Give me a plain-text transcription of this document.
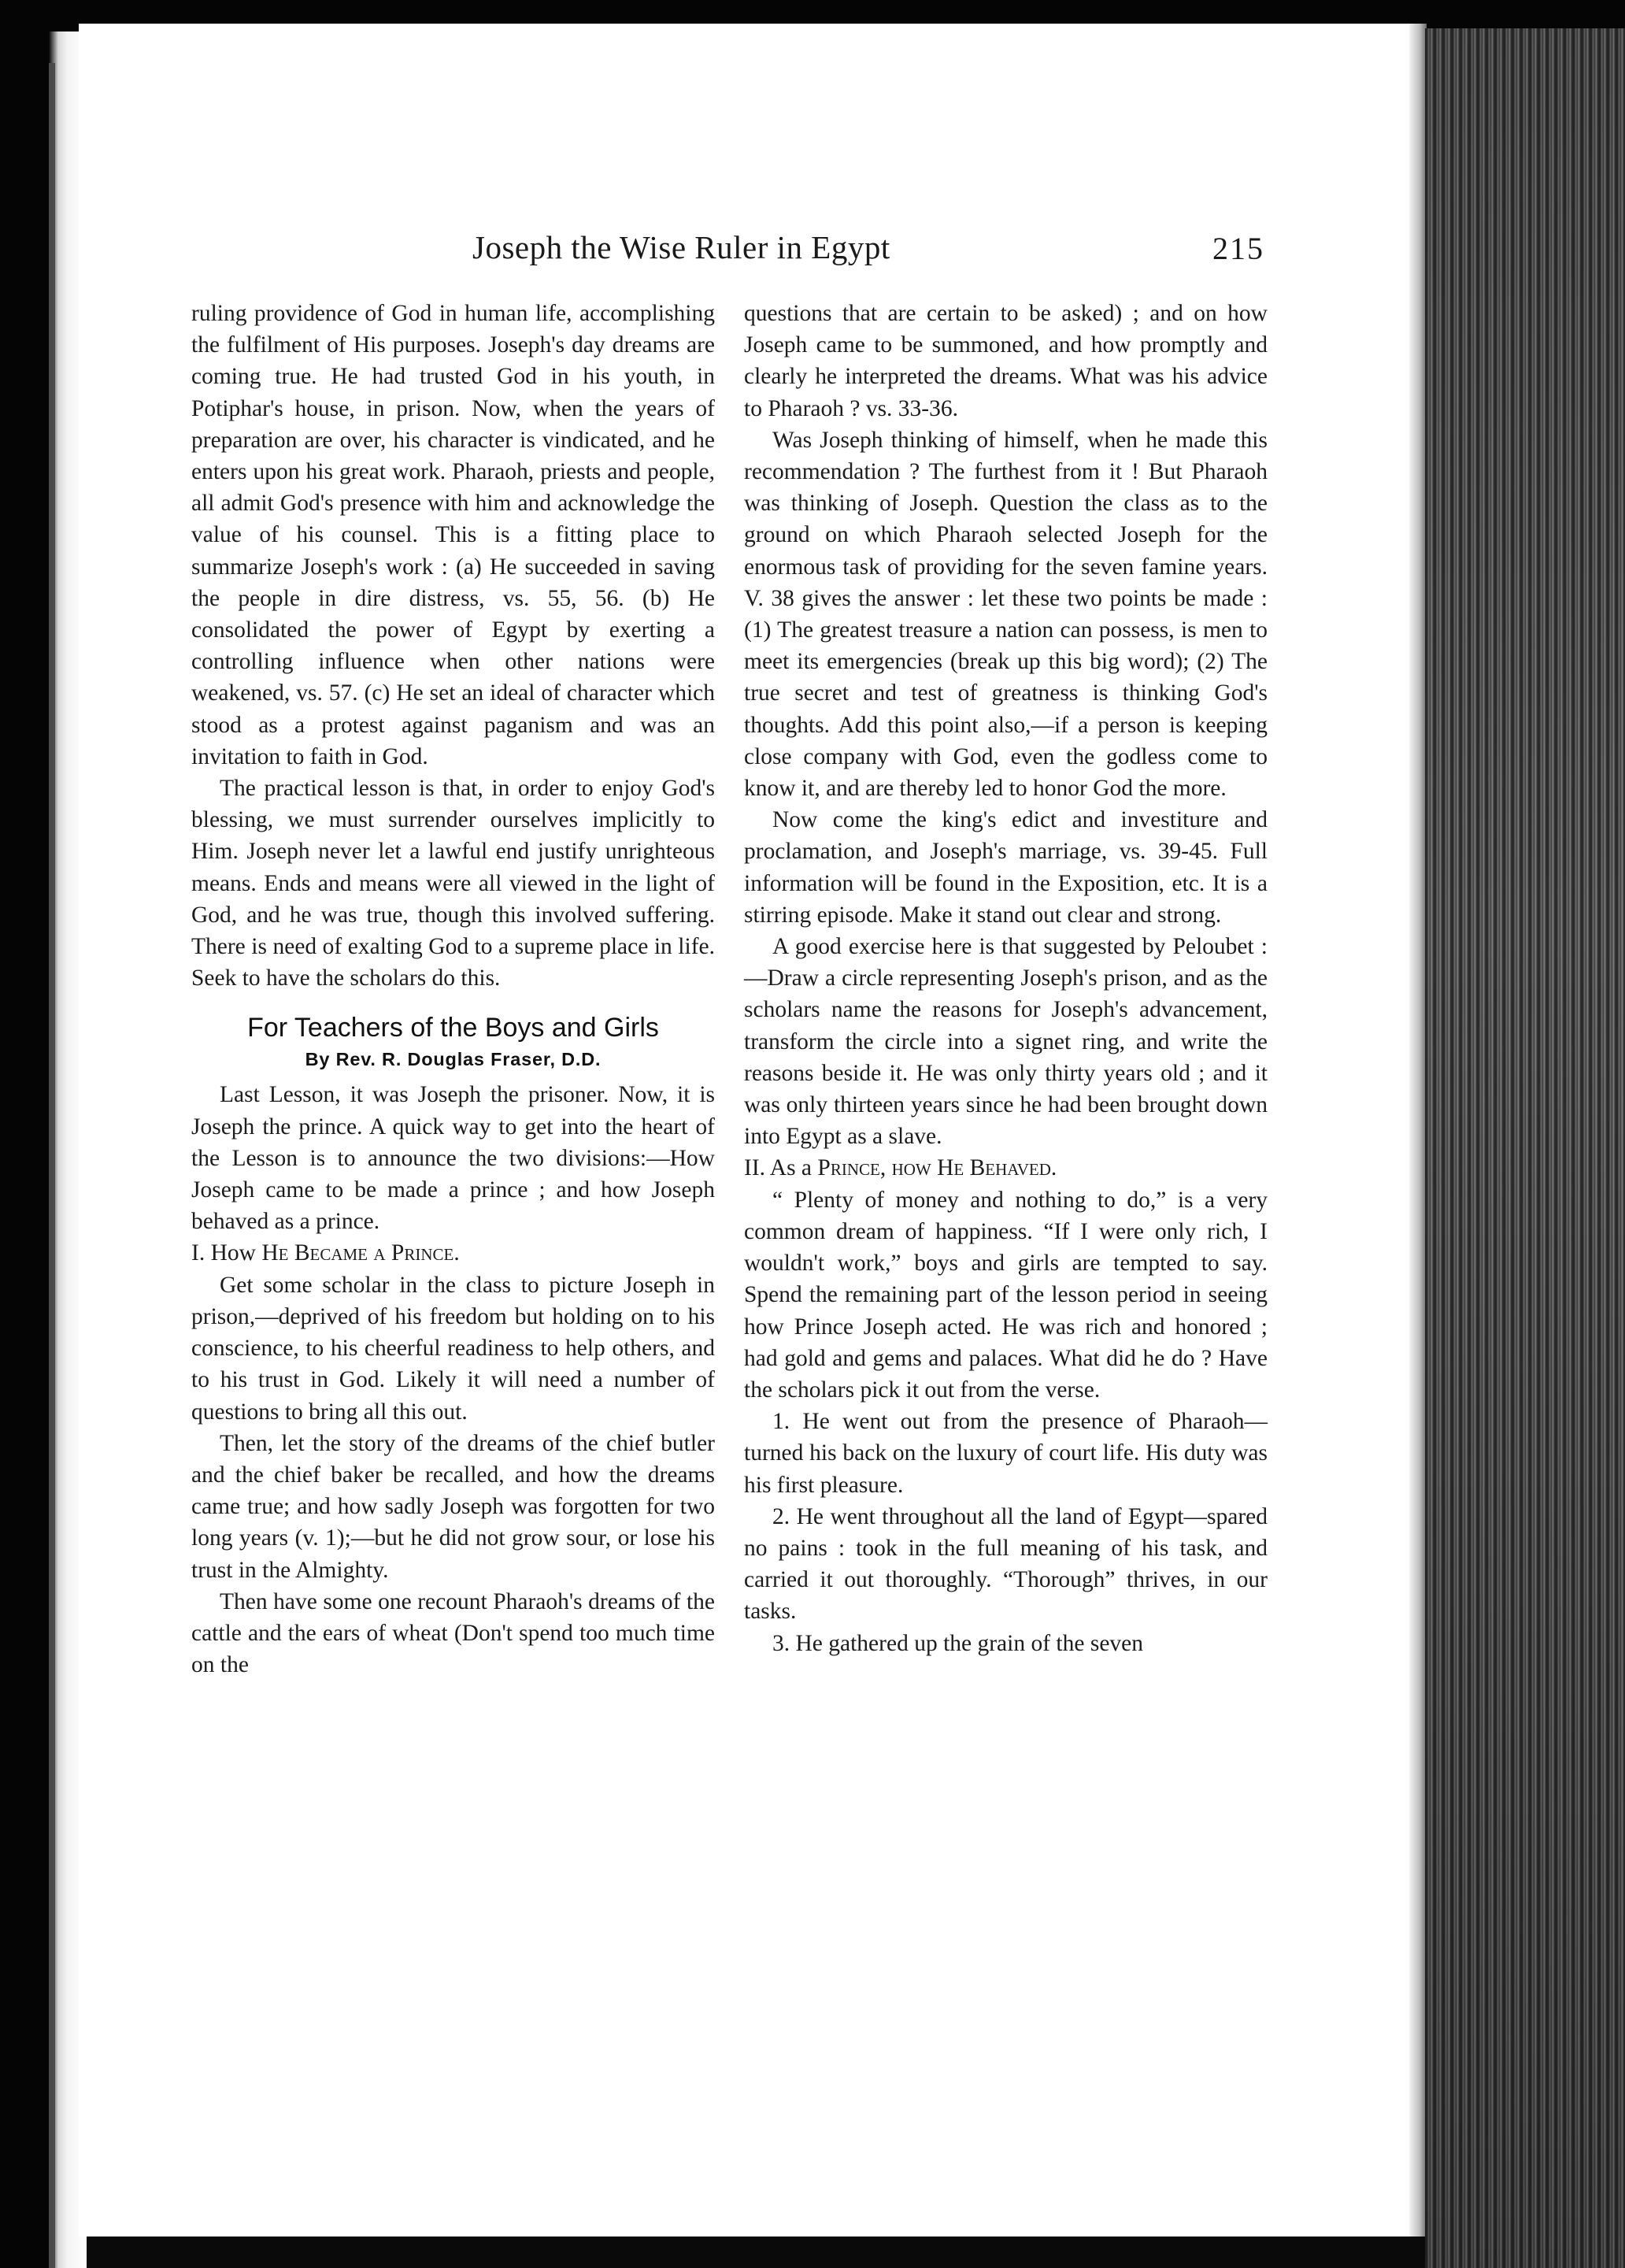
Joseph the Wise Ruler in Egypt	215

ruling providence of God in human life, accomplishing the fulfilment of His purposes. Joseph's day dreams are coming true. He had trusted God in his youth, in Potiphar's house, in prison. Now, when the years of preparation are over, his character is vindicated, and he enters upon his great work. Pharaoh, priests and people, all admit God's presence with him and acknowledge the value of his counsel. This is a fitting place to summarize Joseph's work : (a) He succeeded in saving the people in dire distress, vs. 55, 56. (b) He consolidated the power of Egypt by exerting a controlling influence when other nations were weakened, vs. 57. (c) He set an ideal of character which stood as a protest against paganism and was an invitation to faith in God.

The practical lesson is that, in order to enjoy God's blessing, we must surrender ourselves implicitly to Him. Joseph never let a lawful end justify unrighteous means. Ends and means were all viewed in the light of God, and he was true, though this involved suffering. There is need of exalting God to a supreme place in life. Seek to have the scholars do this.

For Teachers of the Boys and Girls
By Rev. R. Douglas Fraser, D.D.

Last Lesson, it was Joseph the prisoner. Now, it is Joseph the prince. A quick way to get into the heart of the Lesson is to announce the two divisions:—How Joseph came to be made a prince ; and how Joseph behaved as a prince.

I. How He Became a Prince.

Get some scholar in the class to picture Joseph in prison,—deprived of his freedom but holding on to his conscience, to his cheerful readiness to help others, and to his trust in God. Likely it will need a number of questions to bring all this out.

Then, let the story of the dreams of the chief butler and the chief baker be recalled, and how the dreams came true; and how sadly Joseph was forgotten for two long years (v. 1);—but he did not grow sour, or lose his trust in the Almighty.

Then have some one recount Pharaoh's dreams of the cattle and the ears of wheat (Don't spend too much time on the

questions that are certain to be asked) ; and on how Joseph came to be summoned, and how promptly and clearly he interpreted the dreams. What was his advice to Pharaoh ? vs. 33-36.

Was Joseph thinking of himself, when he made this recommendation ? The furthest from it ! But Pharaoh was thinking of Joseph. Question the class as to the ground on which Pharaoh selected Joseph for the enormous task of providing for the seven famine years. V. 38 gives the answer : let these two points be made : (1) The greatest treasure a nation can possess, is men to meet its emergencies (break up this big word); (2) The true secret and test of greatness is thinking God's thoughts. Add this point also,—if a person is keeping close company with God, even the godless come to know it, and are thereby led to honor God the more.

Now come the king's edict and investiture and proclamation, and Joseph's marriage, vs. 39-45. Full information will be found in the Exposition, etc. It is a stirring episode. Make it stand out clear and strong.

A good exercise here is that suggested by Peloubet :—Draw a circle representing Joseph's prison, and as the scholars name the reasons for Joseph's advancement, transform the circle into a signet ring, and write the reasons beside it. He was only thirty years old ; and it was only thirteen years since he had been brought down into Egypt as a slave.

II. As a Prince, how He Behaved.

“ Plenty of money and nothing to do,” is a very common dream of happiness. “If I were only rich, I wouldn't work,” boys and girls are tempted to say. Spend the remaining part of the lesson period in seeing how Prince Joseph acted. He was rich and honored ; had gold and gems and palaces. What did he do ? Have the scholars pick it out from the verse.

1. He went out from the presence of Pharaoh—turned his back on the luxury of court life. His duty was his first pleasure.

2. He went throughout all the land of Egypt—spared no pains : took in the full meaning of his task, and carried it out thoroughly. “Thorough” thrives, in our tasks.

3. He gathered up the grain of the seven
